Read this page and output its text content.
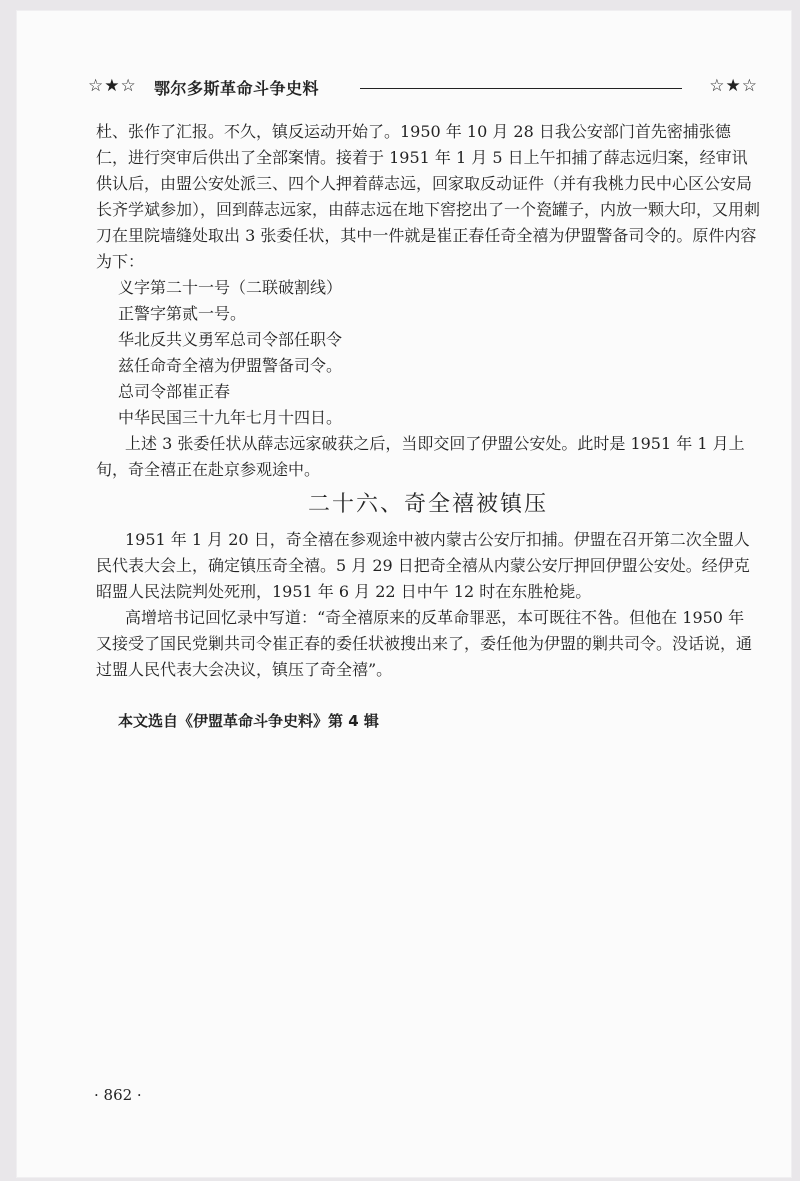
☆★☆ 鄂尔多斯革命斗争史料	☆★☆

杜、张作了汇报。不久，镇反运动开始了。1950 年 10 月 28 日我公安部门首先密捕张德仁，进行突审后供出了全部案情。接着于 1951 年 1 月 5 日上午扣捕了薛志远归案，经审讯供认后，由盟公安处派三、四个人押着薛志远，回家取反动证件（并有我桃力民中心区公安局长齐学斌参加），回到薛志远家，由薛志远在地下窖挖出了一个瓷罐子，内放一颗大印，又用刺刀在里院墙缝处取出 3 张委任状，其中一件就是崔正春任奇全禧为伊盟警备司令的。原件内容为下：

义字第二十一号（二联破割线）

正警字第贰一号。

华北反共义勇军总司令部任职令

兹任命奇全禧为伊盟警备司令。

总司令部崔正春

中华民国三十九年七月十四日。

上述 3 张委任状从薛志远家破获之后，当即交回了伊盟公安处。此时是 1951 年 1 月上旬，奇全禧正在赴京参观途中。

二十六、奇全禧被镇压

1951 年 1 月 20 日，奇全禧在参观途中被内蒙古公安厅扣捕。伊盟在召开第二次全盟人民代表大会上，确定镇压奇全禧。5 月 29 日把奇全禧从内蒙公安厅押回伊盟公安处。经伊克昭盟人民法院判处死刑，1951 年 6 月 22 日中午 12 时在东胜枪毙。

高增培书记回忆录中写道：“奇全禧原来的反革命罪恶，本可既往不咎。但他在 1950 年又接受了国民党剿共司令崔正春的委任状被搜出来了，委任他为伊盟的剿共司令。没话说，通过盟人民代表大会决议，镇压了奇全禧”。

本文选自《伊盟革命斗争史料》第 4 辑
· 862 ·
